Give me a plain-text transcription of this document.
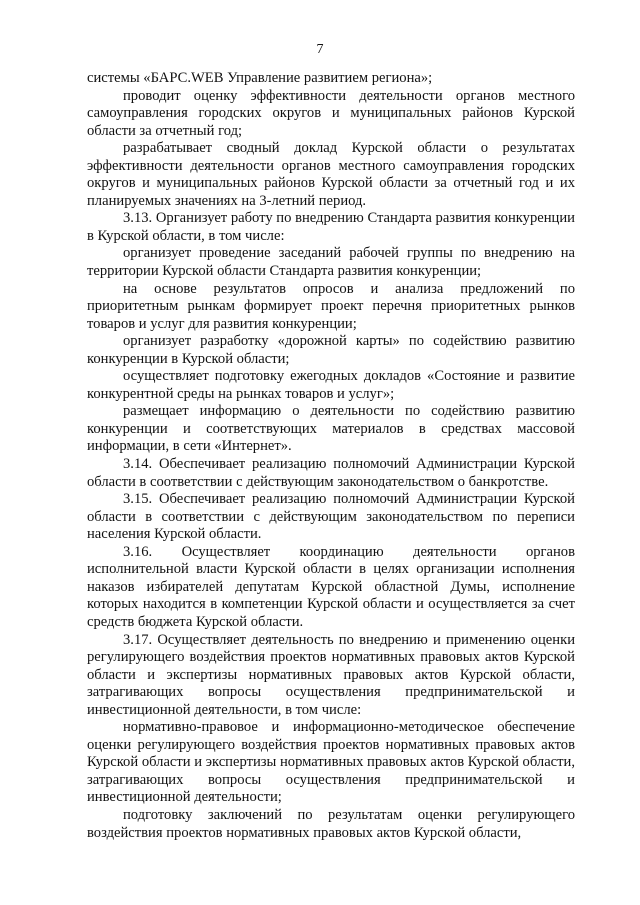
7

системы «БАРС.WEB Управление развитием региона»;

проводит оценку эффективности деятельности органов местного самоуправления городских округов и муниципальных районов Курской области за отчетный год;

разрабатывает сводный доклад Курской области о результатах эффективности деятельности органов местного самоуправления городских округов и муниципальных районов Курской области за отчетный год и их планируемых значениях на 3-летний период.

3.13. Организует работу по внедрению Стандарта развития конкуренции в Курской области, в том числе:

организует проведение заседаний рабочей группы по внедрению на территории Курской области Стандарта развития конкуренции;

на основе результатов опросов и анализа предложений по приоритетным рынкам формирует проект перечня приоритетных рынков товаров и услуг для развития конкуренции;

организует разработку «дорожной карты» по содействию развитию конкуренции в Курской области;

осуществляет подготовку ежегодных докладов «Состояние и развитие конкурентной среды на рынках товаров и услуг»;

размещает информацию о деятельности по содействию развитию конкуренции и соответствующих материалов в средствах массовой информации, в сети «Интернет».

3.14. Обеспечивает реализацию полномочий Администрации Курской области в соответствии с действующим законодательством о банкротстве.

3.15. Обеспечивает реализацию полномочий Администрации Курской области в соответствии с действующим законодательством по переписи населения Курской области.

3.16. Осуществляет координацию деятельности органов исполнительной власти Курской области в целях организации исполнения наказов избирателей депутатам Курской областной Думы, исполнение которых находится в компетенции Курской области и осуществляется за счет средств бюджета Курской области.

3.17. Осуществляет деятельность по внедрению и применению оценки регулирующего воздействия проектов нормативных правовых актов Курской области и экспертизы нормативных правовых актов Курской области, затрагивающих вопросы осуществления предпринимательской и инвестиционной деятельности, в том числе:

нормативно-правовое и информационно-методическое обеспечение оценки регулирующего воздействия проектов нормативных правовых актов Курской области и экспертизы нормативных правовых актов Курской области, затрагивающих вопросы осуществления предпринимательской и инвестиционной деятельности;

подготовку заключений по результатам оценки регулирующего воздействия проектов нормативных правовых актов Курской области,
